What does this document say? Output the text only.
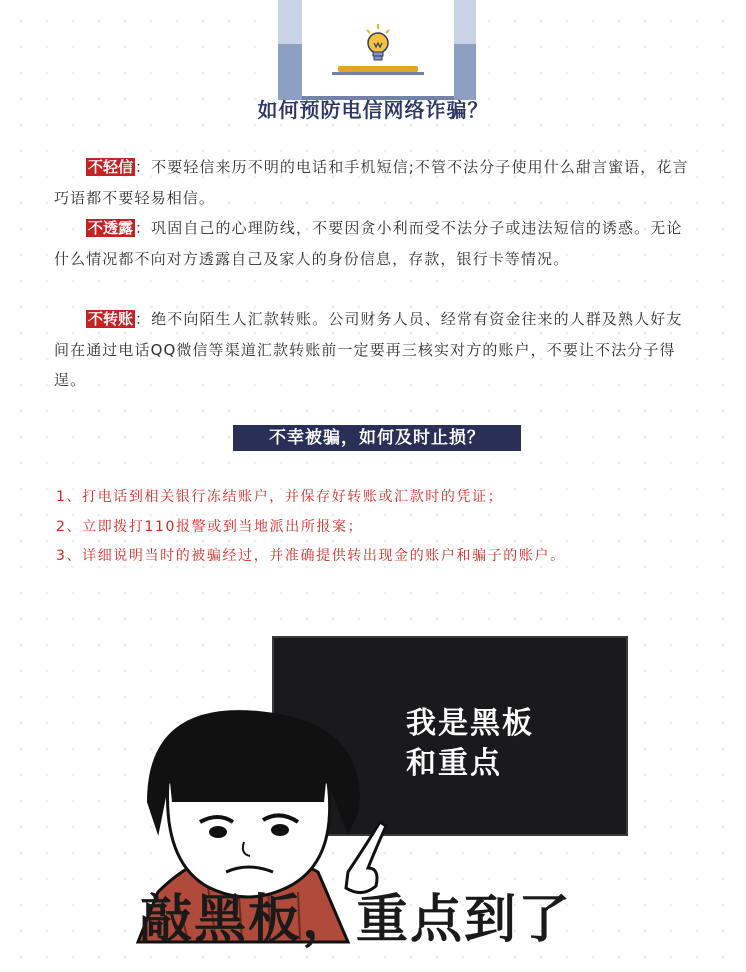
如何预防电信网络诈骗？

不轻信 ：不要轻信来历不明的电话和手机短信;不管不法分子使用什么甜言蜜语，花言巧语都不要轻易相信。

不透露 ：巩固自己的心理防线，不要因贪小利而受不法分子或违法短信的诱惑。无论什么情况都不向对方透露自己及家人的身份信息，存款，银行卡等情况。

不转账 ：绝不向陌生人汇款转账。公司财务人员、经常有资金往来的人群及熟人好友间在通过电话QQ微信等渠道汇款转账前一定要再三核实对方的账户，不要让不法分子得逞。

不幸被骗，如何及时止损？
1、打电话到相关银行冻结账户，并保存好转账或汇款时的凭证；
2、立即拨打110报警或到当地派出所报案；
3、详细说明当时的被骗经过，并准确提供转出现金的账户和骗子的账户。
我是黑板
和重点
敲黑板，重点到了
